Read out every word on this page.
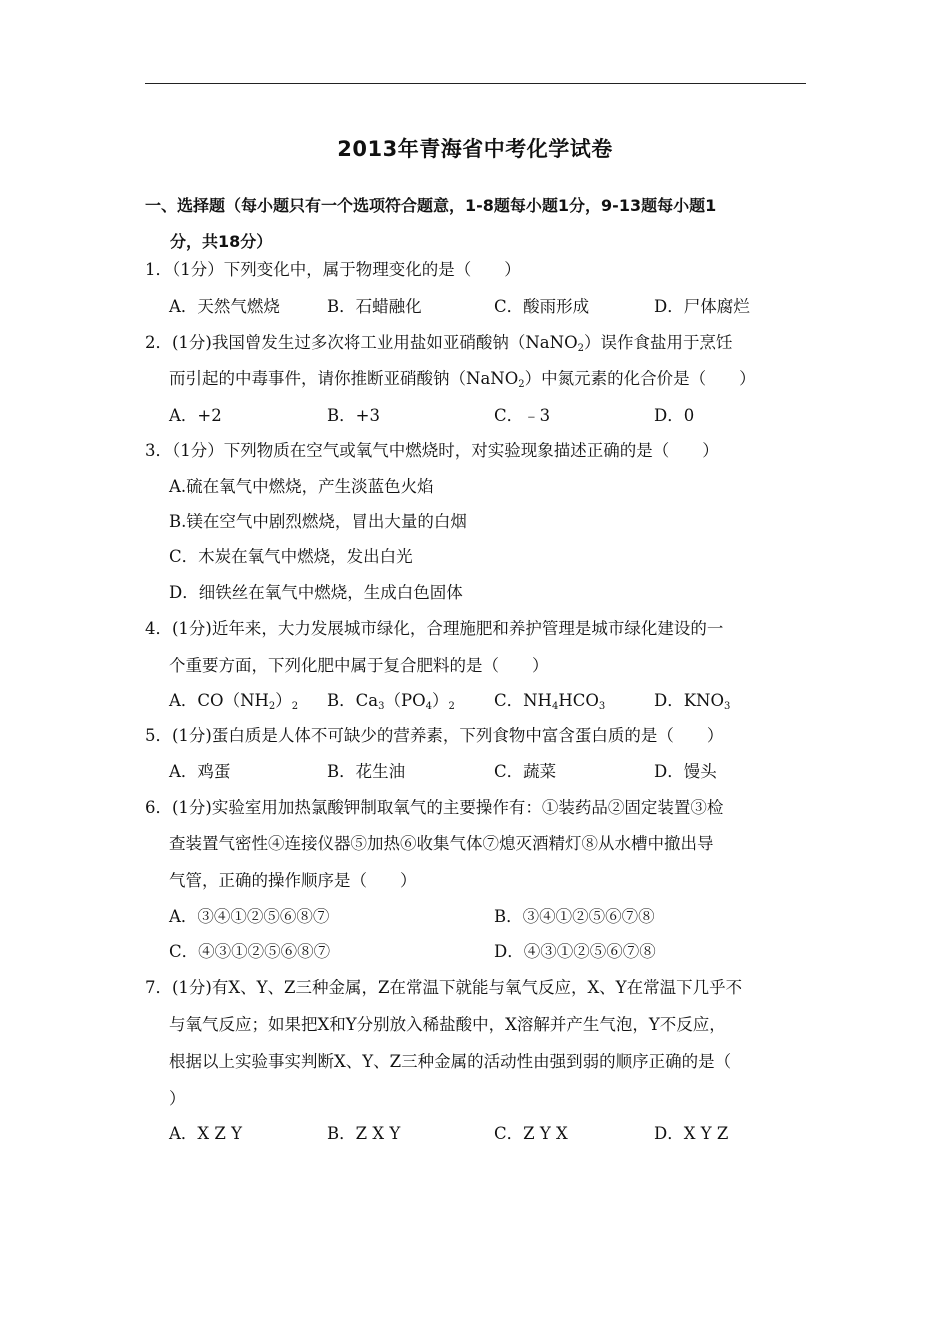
2013年青海省中考化学试卷
一、选择题（每小题只有一个选项符合题意，1-8题每小题1分，9-13题每小题1
分，共18分）
1．（1分）下列变化中，属于物理变化的是（　　）
A．天然气燃烧	B．石蜡融化	C．酸雨形成	D．尸体腐烂
2．(1分)我国曾发生过多次将工业用盐如亚硝酸钠（NaNO$_2$）误作食盐用于烹饪
而引起的中毒事件，请你推断亚硝酸钠（NaNO$_2$）中氮元素的化合价是（　　）
A．+2	B．+3	C．﹣3	D．0
3．（1分）下列物质在空气或氧气中燃烧时，对实验现象描述正确的是（　　）
A.硫在氧气中燃烧，产生淡蓝色火焰
B.镁在空气中剧烈燃烧，冒出大量的白烟
C．木炭在氧气中燃烧，发出白光
D．细铁丝在氧气中燃烧，生成白色固体
4．(1分)近年来，大力发展城市绿化，合理施肥和养护管理是城市绿化建设的一
个重要方面，下列化肥中属于复合肥料的是（　　）
A．$CO(NH_2)_2$ B．$Ca_3(PO_4)_2$ C．$NH_4HCO_3$	D．$KNO_3$
5．(1分)蛋白质是人体不可缺少的营养素，下列食物中富含蛋白质的是（　　）
A．鸡蛋	B．花生油	C．蔬菜	D．馒头
6．(1分)实验室用加热氯酸钾制取氧气的主要操作有：①装药品②固定装置③检
查装置气密性④连接仪器⑤加热⑥收集气体⑦熄灭酒精灯⑧从水槽中撤出导
气管，正确的操作顺序是（　　）
A．③④①②⑤⑥⑧⑦	B．③④①②⑤⑥⑦⑧
C．④③①②⑤⑥⑧⑦	D．④③①②⑤⑥⑦⑧
7．(1分)有X、Y、Z三种金属，Z在常温下就能与氧气反应，X、Y在常温下几乎不
与氧气反应；如果把X和Y分别放入稀盐酸中，X溶解并产生气泡，Y不反应，
根据以上实验事实判断X、Y、Z三种金属的活动性由强到弱的顺序正确的是（
）
A．X Z Y	B．Z X Y	C．Z Y X	D．X Y Z
